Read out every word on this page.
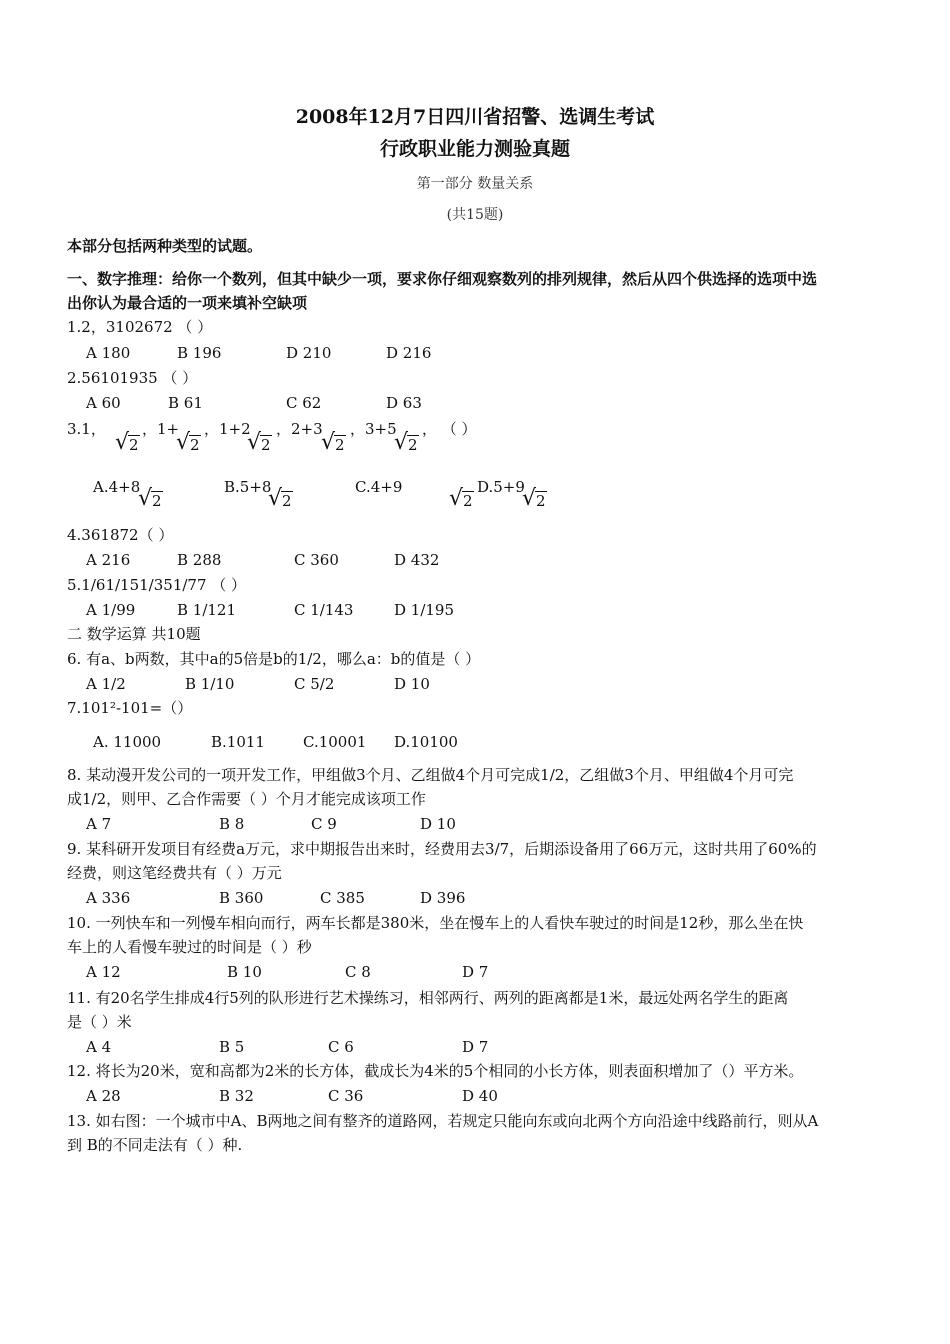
2008年12月7日四川省招警、选调生考试
行政职业能力测验真题
第一部分 数量关系
(共15题)
本部分包括两种类型的试题。
一、数字推理：给你一个数列，但其中缺少一项，要求你仔细观察数列的排列规律，然后从四个供选择的选项中选
出你认为最合适的一项来填补空缺项
1.2，3102672 （ ）
A 180	B 196	D 210	D 216
2.56101935 （ ）
A 60	B 61	C 62	D 63
3.1，
√ 2
，1+
√ 2
，1+2
√ 2
，2+3
√ 2
，3+5
√ 2
， （ ）
A.4+8
√ 2
B.5+8
√ 2
C.4+9 √ 2
D.5+9
√ 2
4.361872（ ）
A 216	B 288	C 360	D 432
5.1/61/151/351/77 （ ）
A 1/99	B 1/121	C 1/143	D 1/195
二 数学运算 共10题
6. 有a、b两数，其中a的5倍是b的1/2，哪么a：b的值是（ ）
A 1/2	B 1/10	C 5/2	D 10
7.101²-101=（）
A. 11000	B.1011	C.10001 D.10100
8. 某动漫开发公司的一项开发工作，甲组做3个月、乙组做4个月可完成1/2，乙组做3个月、甲组做4个月可完
成1/2，则甲、乙合作需要（ ）个月才能完成该项工作
A 7	B 8	C 9	D 10
9. 某科研开发项目有经费a万元，求中期报告出来时，经费用去3/7，后期添设备用了66万元，这时共用了60%的
经费，则这笔经费共有（ ）万元
A 336	B 360	C 385	D 396
10. 一列快车和一列慢车相向而行，两车长都是380米，坐在慢车上的人看快车驶过的时间是12秒，那么坐在快
车上的人看慢车驶过的时间是（ ）秒
A 12	B 10	C 8	D 7
11. 有20名学生排成4行5列的队形进行艺术操练习，相邻两行、两列的距离都是1米，最远处两名学生的距离
是（ ）米
A 4	B 5	C 6	D 7
12. 将长为20米，宽和高都为2米的长方体，截成长为4米的5个相同的小长方体，则表面积增加了（）平方米。
A 28	B 32	C 36	D 40
13. 如右图：一个城市中A、B两地之间有整齐的道路网，若规定只能向东或向北两个方向沿途中线路前行，则从A
到 B的不同走法有（ ）种.
